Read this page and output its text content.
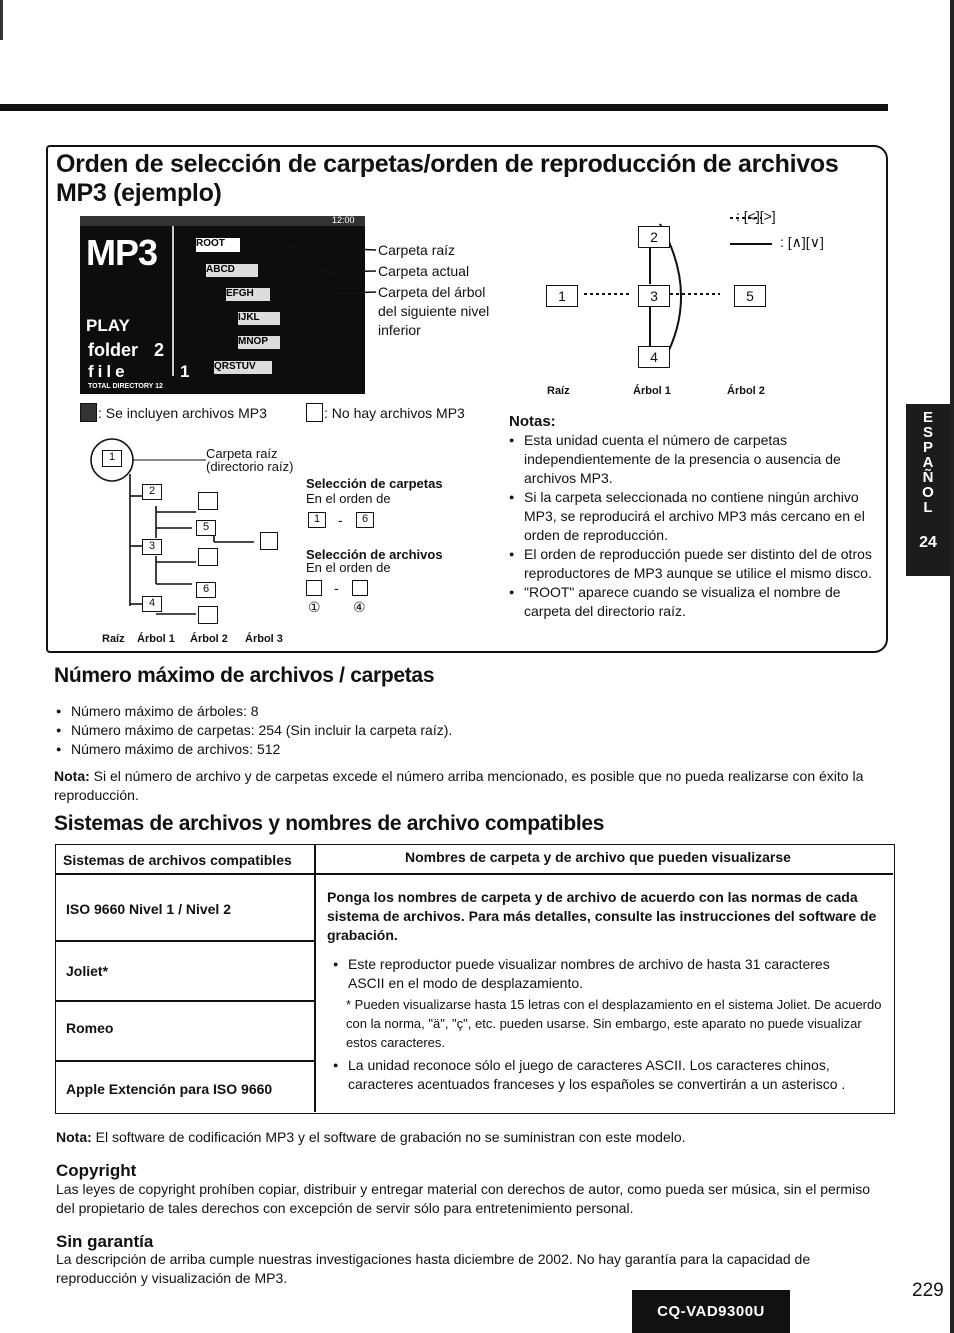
Orden de selección de carpetas/orden de reproducción de archivos MP3 (ejemplo)
12:00
MP3
PLAY
folder 2
file	1
TOTAL DIRECTORY 12
ROOT
ABCD
EFGH
IJKL
MNOP
QRSTUV
Carpeta raíz
Carpeta actual
Carpeta del árbol del siguiente nivel inferior
: Se incluyen archivos MP3	: No hay archivos MP3
1
2
5
3
6
4
Carpeta raíz (directorio raíz)
Selección de carpetas
En el orden de
1	-	6
Selección de archivos
En el orden de
-
① ④
Raíz Árbol 1 Árbol 2 Árbol 3
: [<][>]
: [∧][∨]
1
2
3
4
5
Raíz	Árbol 1	Árbol 2
Notas:
● Esta unidad cuenta el número de carpetas independientemente de la presencia o ausencia de archivos MP3.
● Si la carpeta seleccionada no contiene ningún archivo MP3, se reproducirá el archivo MP3 más cercano en el orden de reproducción.
● El orden de reproducción puede ser distinto del de otros reproductores de MP3 aunque se utilice el mismo disco.
● "ROOT" aparece cuando se visualiza el nombre de carpeta del directorio raíz.
Número máximo de archivos / carpetas
● Número máximo de árboles: 8
● Número máximo de carpetas: 254 (Sin incluir la carpeta raíz).
● Número máximo de archivos: 512
Nota: Si el número de archivo y de carpetas excede el número arriba mencionado, es posible que no pueda realizarse con éxito la reproducción.
Sistemas de archivos y nombres de archivo compatibles
Sistemas de archivos compatibles	Nombres de carpeta y de archivo que pueden visualizarse
ISO 9660 Nivel 1 / Nivel 2
Joliet*
Romeo
Apple Extención para ISO 9660
Ponga los nombres de carpeta y de archivo de acuerdo con las normas de cada sistema de archivos. Para más detalles, consulte las instrucciones del software de grabación.
● Este reproductor puede visualizar nombres de archivo de hasta 31 caracteres ASCII en el modo de desplazamiento.
* Pueden visualizarse hasta 15 letras con el desplazamiento en el sistema Joliet. De acuerdo con la norma, "ä", "ç", etc. pueden usarse. Sin embargo, este aparato no puede visualizar estos caracteres.
● La unidad reconoce sólo el juego de caracteres ASCII. Los caracteres chinos, caracteres acentuados franceses y los españoles se convertirán a un asterisco .
Nota: El software de codificación MP3 y el software de grabación no se suministran con este modelo.
Copyright
Las leyes de copyright prohíben copiar, distribuir y entregar material con derechos de autor, como pueda ser música, sin el permiso del propietario de tales derechos con excepción de servir sólo para entretenimiento personal.
Sin garantía
La descripción de arriba cumple nuestras investigaciones hasta diciembre de 2002. No hay garantía para la capacidad de reproducción y visualización de MP3.
E
S
P
A
Ñ
O
L
24
CQ-VAD9300U
229
